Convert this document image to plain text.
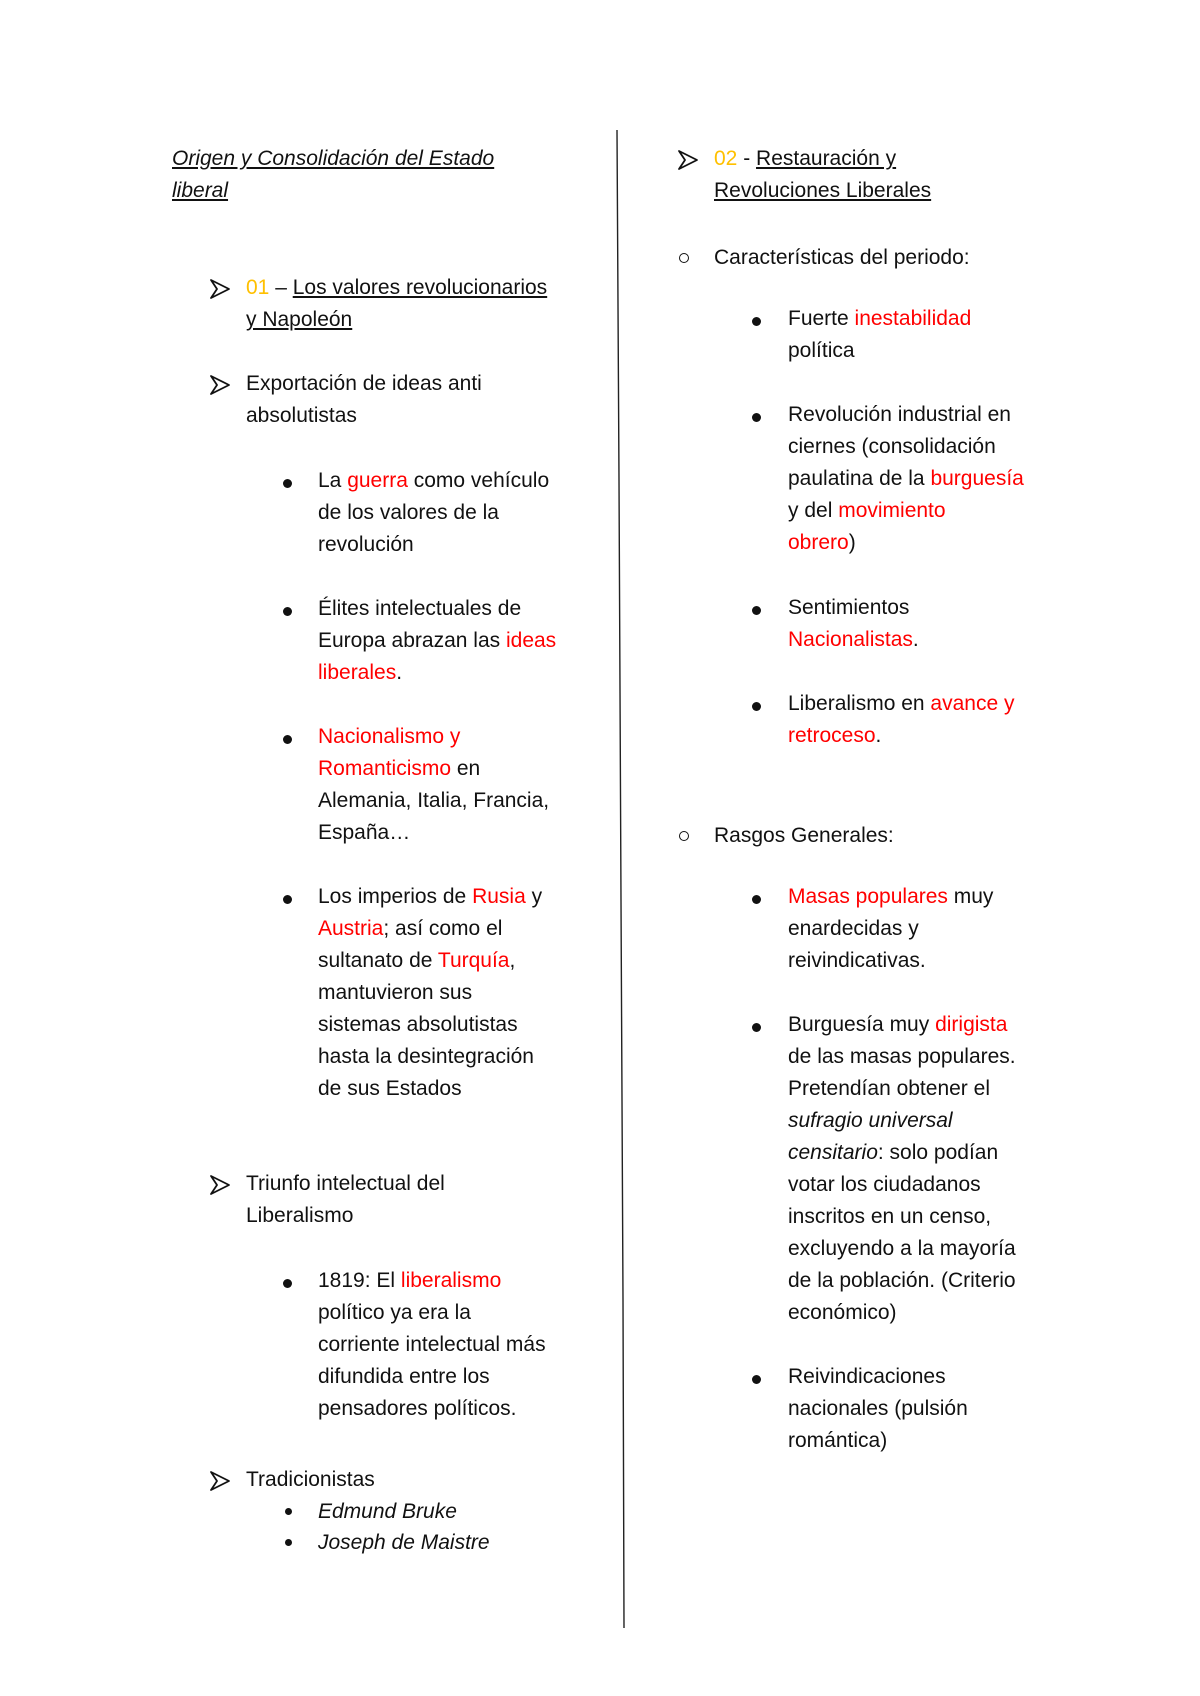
Origen y Consolidación del Estado
liberal
01 – Los valores revolucionarios
y Napoleón
Exportación de ideas anti
absolutistas
La guerra como vehículo
de los valores de la
revolución
Élites intelectuales de
Europa abrazan las ideas
liberales.
Nacionalismo y
Romanticismo en
Alemania, Italia, Francia,
España…
Los imperios de Rusia y
Austria; así como el
sultanato de Turquía,
mantuvieron sus
sistemas absolutistas
hasta la desintegración
de sus Estados
Triunfo intelectual del
Liberalismo
1819: El liberalismo
político ya era la
corriente intelectual más
difundida entre los
pensadores políticos.
Tradicionistas
Edmund Bruke
Joseph de Maistre
02 - Restauración y
Revoluciones Liberales
Características del periodo:
Fuerte inestabilidad
política
Revolución industrial en
ciernes (consolidación
paulatina de la burguesía
y del movimiento
obrero)
Sentimientos
Nacionalistas.
Liberalismo en avance y
retroceso.
Rasgos Generales:
Masas populares muy
enardecidas y
reivindicativas.
Burguesía muy dirigista
de las masas populares.
Pretendían obtener el
sufragio universal
censitario: solo podían
votar los ciudadanos
inscritos en un censo,
excluyendo a la mayoría
de la población. (Criterio
económico)
Reivindicaciones
nacionales (pulsión
romántica)
